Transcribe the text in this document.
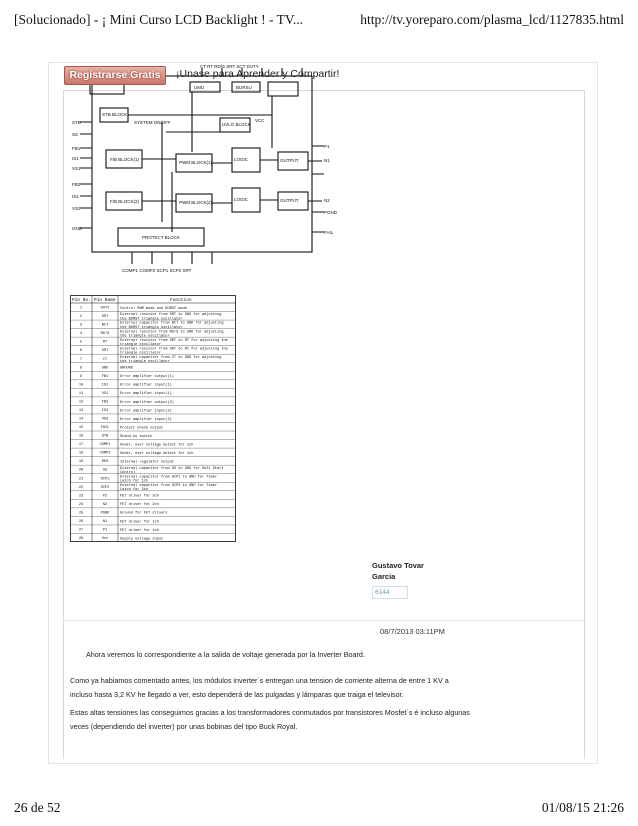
[Solucionado] - ¡ Mini Curso LCD Backlight ! - TV...	http://tv.yoreparo.com/plasma_lcd/1127835.html
CT RT RD/S SRT SCT DUTY
UMU	BURSU
STB BLOCK
SYSTEM ON/OFF	UVLO BLOCK
VCC
F/B BLOCK(1)
F/B BLOCK(2)
PWM BLOCK(1)
PWM BLOCK(2)
LOGIC
LOGIC
OUTPUT
OUTPUT
PROTECT BLOCK
STB
SS
FB1
IS1
VS1
FB2
IS2
VS2
GND
P1
N1
N2
PGND
FAIL
COMP1 COMP2 SCP1 SCP2 SRT
Registrarse Gratis	¡Unase para Aprender y Compartir!
Pin No. Pin Name	Function
1	DUTY	Control PWM mode and BURST mode
2	SRT	External resistor from SRT to GND for adjusting
the BURST triangle oscillator
3	BCT	External capacitor from BCT to GND for adjusting
the BURST triangle oscillator
4	RD/S	External resistor from RD/S to GND for adjusting
the triangle oscillator
5	RT	External resistor from SRT to RT for adjusting the
triangle oscillator
6	SRT	External resistor from SRT to RT for adjusting the
triangle oscillator
7	CT	External capacitor from CT to GND for adjusting
the triangle oscillator
8	GND	GROUND
9	FB1	Error amplifier output(1)
10	IS1	Error amplifier input(1)
11	VS1	Error amplifier input(1)
12	FB2	Error amplifier output(2)
13	IS2	Error amplifier input(2)
14	VS2	Error amplifier input(2)
15	FAIL	Protect check output
16	STB	Stand-by switch
17	COMP1	Under, over voltage detect for 1ch
18	COMP2	Under, over voltage detect for 1ch
19	REG	Internal regulator output
20	SS	External capacitor from SS to GND for Soft Start
Control
21	SCP1	External capacitor from SCP1 to GND for Timer
Latch for 1ch
22	SCP2	External capacitor from SCP2 to GND for Timer
Latch for 2ch
23	P2	FET driver for 2ch
24	N2	FET driver for 2ch
25	PGND	Ground for FET drivers
26	N1	FET driver for 1ch
27	P1	FET driver for 1ch
28	Vcc	Supply voltage input
Gustavo Tovar Garcia
6144
08/7/2013 03:11PM
Ahora veremos lo correspondiente a la salida de voltaje generada por la Inverter Board.
Como ya habiamos comentado antes, los módulos inverter´s entregan una tension de corriente alterna de entre 1 KV a incluso hasta 3,2 KV he llegado a ver, esto dependerá de las pulgadas y lámparas que traiga el televisor.
Estas altas tensiones las conseguimos gracias a los transformadores conmutados por transistores Mosfet´s é incluso algunas veces (dependiendo del inverter) por unas bobinas del tipo Buck Royal.
26 de 52	01/08/15 21:26
